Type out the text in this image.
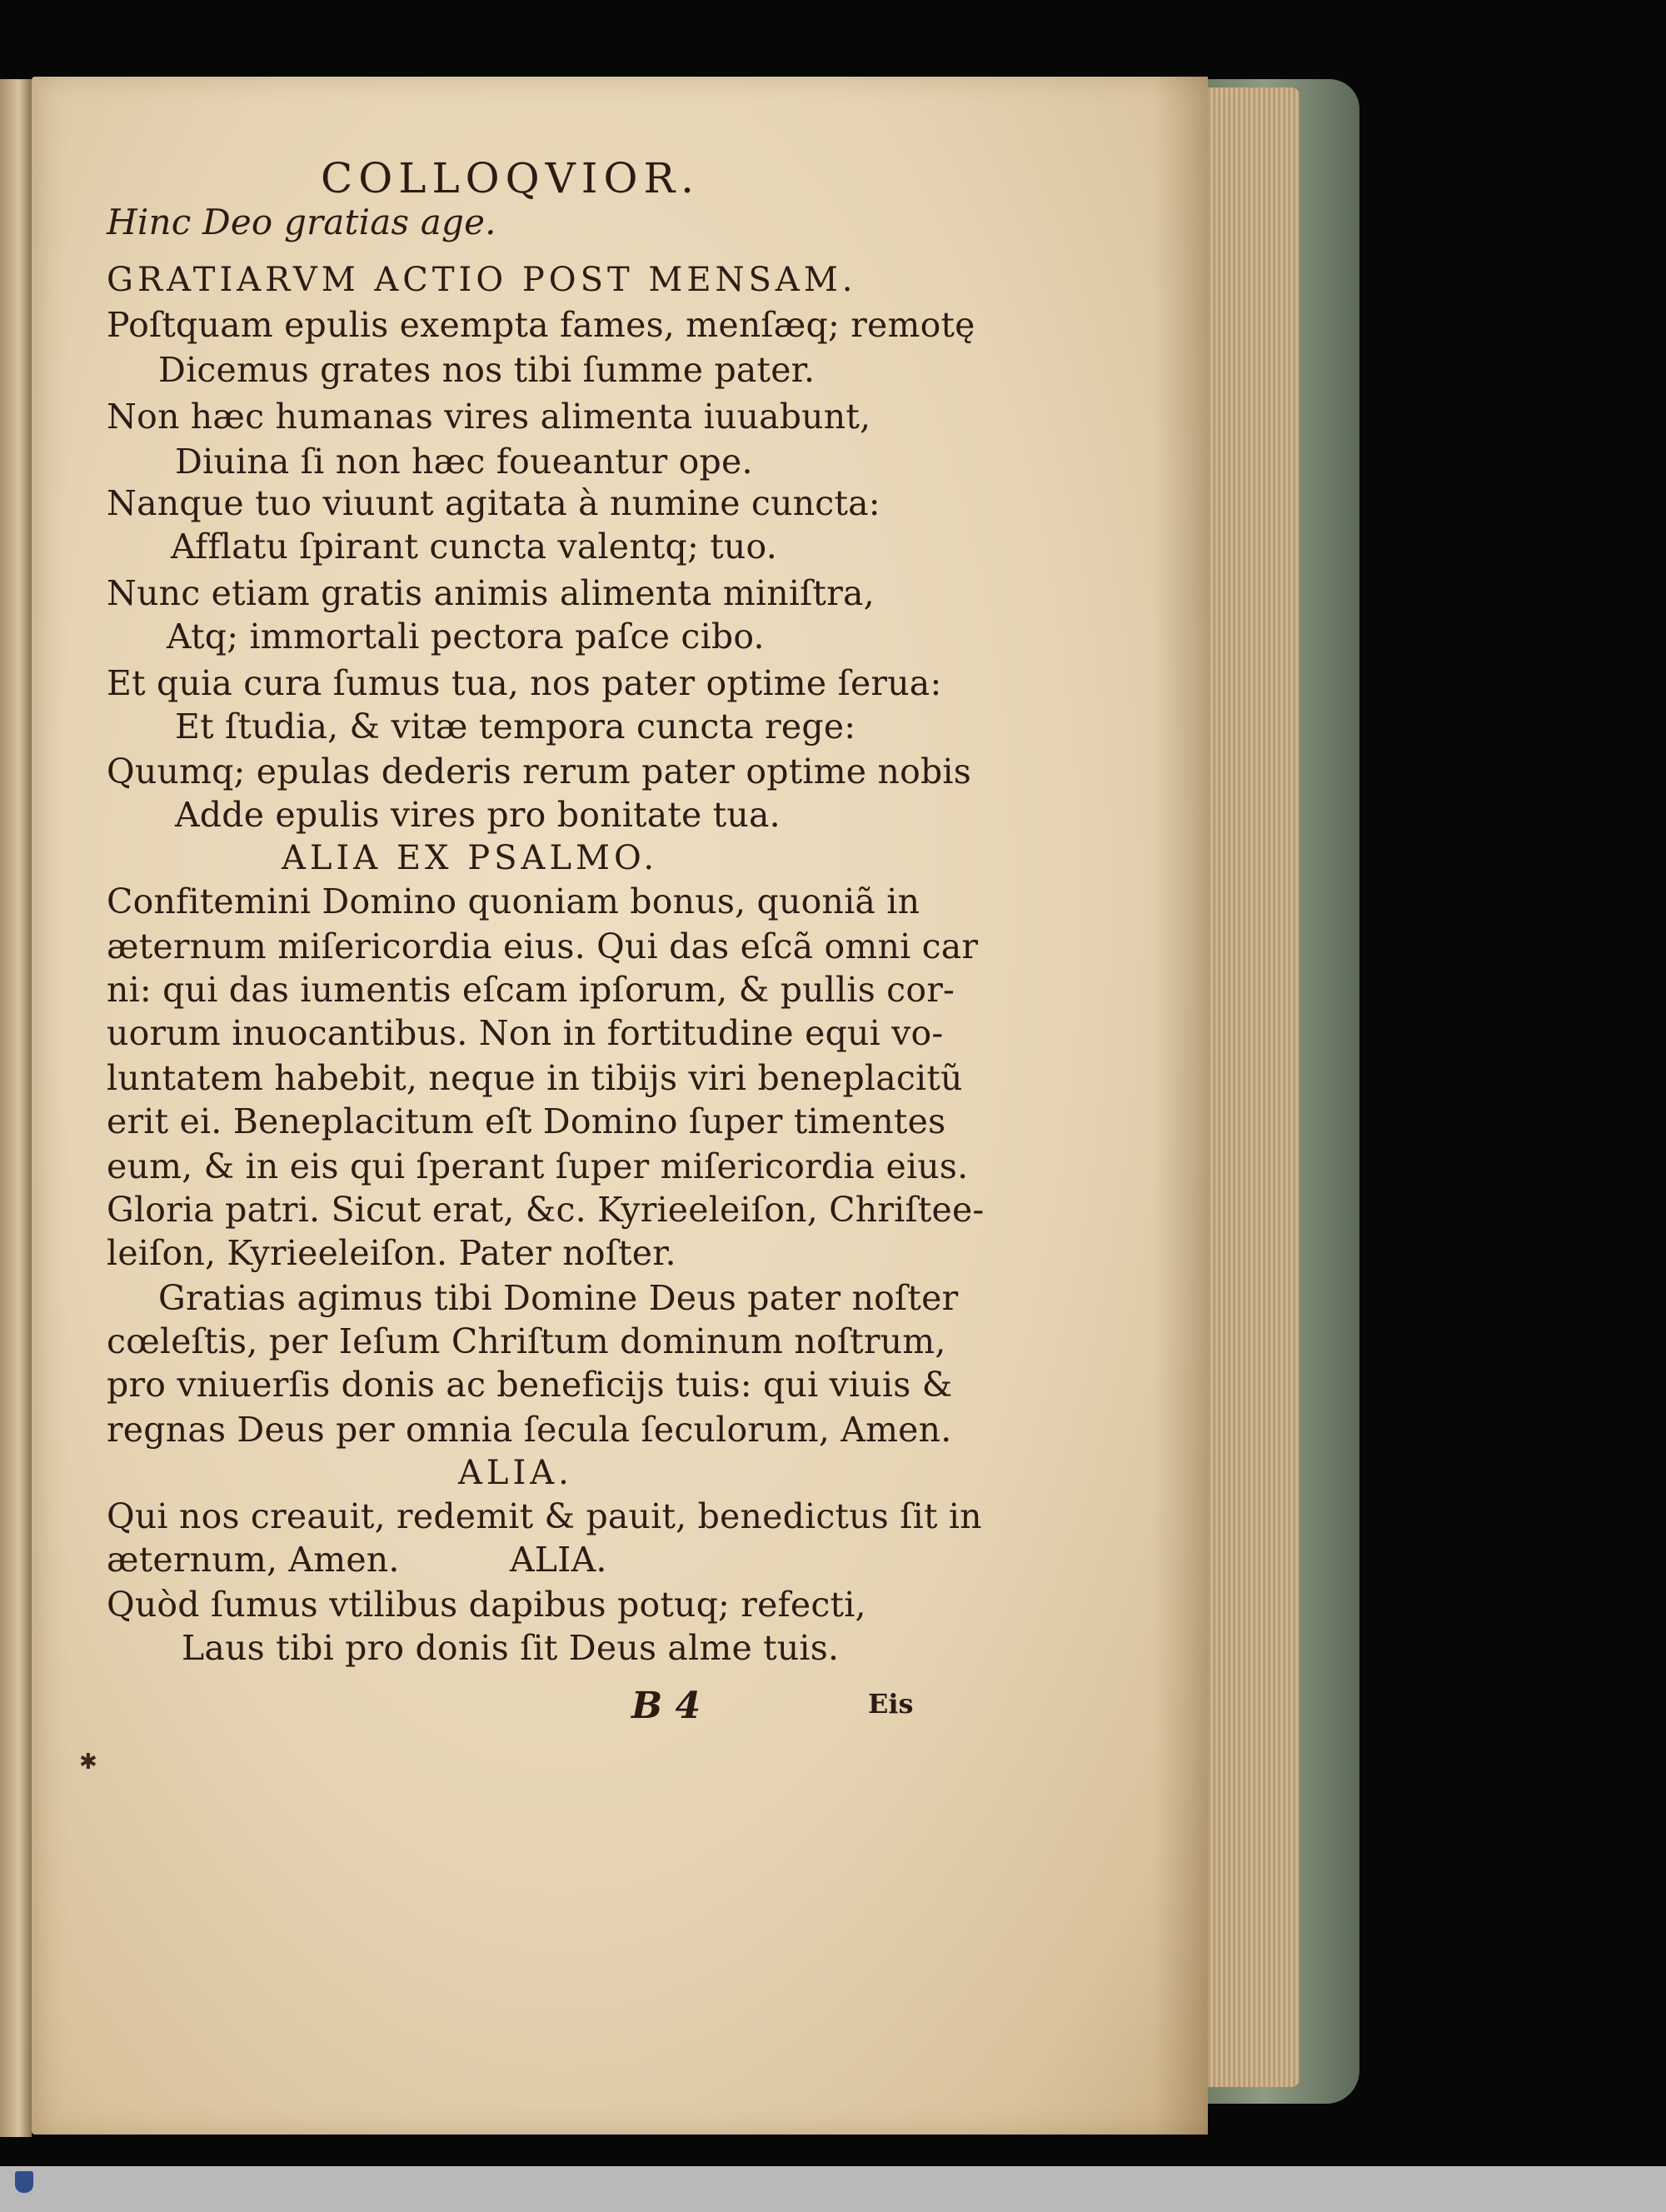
COLLOQVIOR.
Hinc Deo gratias age.
GRATIARVM ACTIO POST MENSAM.
Poſtquam epulis exempta fames, menſæq; remotę
Dicemus grates nos tibi ſumme pater.
Non hæc humanas vires alimenta iuuabunt,
Diuina ſi non hæc foueantur ope.
Nanque tuo viuunt agitata à numine cuncta:
Afflatu ſpirant cuncta valentq; tuo.
Nunc etiam gratis animis alimenta miniſtra,
Atq; immortali pectora paſce cibo.
Et quia cura ſumus tua, nos pater optime ſerua:
Et ſtudia, & vitæ tempora cuncta rege:
Quumq; epulas dederis rerum pater optime nobis
Adde epulis vires pro bonitate tua.
ALIA EX PSALMO.
Confitemini Domino quoniam bonus, quoniã in
æternum miſericordia eius. Qui das eſcã omni car
ni: qui das iumentis eſcam ipſorum, & pullis cor-
uorum inuocantibus. Non in fortitudine equi vo-
luntatem habebit, neque in tibijs viri beneplacitũ
erit ei. Beneplacitum eſt Domino ſuper timentes
eum, & in eis qui ſperant ſuper miſericordia eius.
Gloria patri. Sicut erat, &c. Kyrieeleiſon, Chriſtee-
leiſon, Kyrieeleiſon. Pater noſter.
Gratias agimus tibi Domine Deus pater noſter
cœleſtis, per Ieſum Chriſtum dominum noſtrum,
pro vniuerſis donis ac beneficijs tuis: qui viuis &
regnas Deus per omnia ſecula ſeculorum, Amen.
ALIA.
Qui nos creauit, redemit & pauit, benedictus ſit in
æternum, Amen.          ALIA.
Quòd ſumus vtilibus dapibus potuq; refecti,
Laus tibi pro donis ſit Deus alme tuis.
B 4	Eis
✱
